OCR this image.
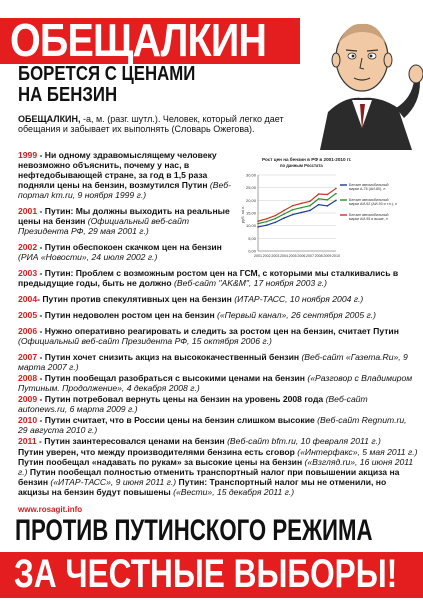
ОБЕЩАЛКИН
БОРЕТСЯ С ЦЕНАМИ
НА БЕНЗИН
ОБЕЩАЛКИН, -а, м. (разг. шутл.). Человек, который легко дает обещания и забывает их выполнять (Словарь Ожегова).
1999 - Ни одному здравомыслящему человеку невозможно объяснить, почему у нас, в нефтедобывающей стране, за год в 1,5 раза подняли цены на бензин, возмутился Путин (Веб-портал km.ru, 9 ноября 1999 г.)
2001 - Путин: Мы должны выходить на реальные цены на бензин (Официальный веб-сайт Президента РФ, 29 мая 2001 г.)
2002 - Путин обеспокоен скачком цен на бензин (РИА «Новости», 24 июля 2002 г.)
2003 - Путин: Проблем с возможным ростом цен на ГСМ, с которыми мы сталкивались в предыдущие годы, быть не должно (Веб-сайт "AK&M", 17 ноября 2003 г.)
2004- Путин против спекулятивных цен на бензин (ИТАР-ТАСС, 10 ноября 2004 г.)
2005 - Путин недоволен ростом цен на бензин («Первый канал», 26 сентября 2005 г.)
2006 - Нужно оперативно реагировать и следить за ростом цен на бензин, считает Путин (Официальный веб-сайт Президента РФ, 15 октября 2006 г.)
2007 - Путин хочет снизить акциз на высококачественный бензин (Веб-сайт «Газета.Ru», 9 марта 2007 г.)
2008 - Путин пообещал разобраться с высокими ценами на бензин («Разговор с Владимиром Путиным. Продолжение», 4 декабря 2008 г.)
2009 - Путин потребовал вернуть цены на бензин на уровень 2008 года (Веб-сайт autonews.ru, 6 марта 2009 г.)
2010 - Путин считает, что в России цены на бензин слишком высокие (Веб-сайт Regnum.ru, 29 августа 2010 г.)
2011 - Путин заинтересовался ценами на бензин (Веб-сайт bfm.ru, 10 февраля 2011 г.)
Путин уверен, что между производителями бензина есть сговор («Интерфакс», 5 мая 2011 г.) Путин пообещал «надавать по рукам» за высокие цены на бензин («Взгляд.ru», 16 июня 2011 г.) Путин пообещал полностью отменить транспортный налог при повышении акциза на бензин («ИТАР-ТАСС», 9 июня 2011 г.) Путин: Транспортный налог мы не отменили, но акцизы на бензин будут повышены («Вести», 15 декабря 2011 г.)
Рост цен на бензин в РФ в 2001-2010 гг.
по данным Росстата
0,00
5,00
10,00
15,00
20,00
25,00
30,00
руб. за л.
2001 2002 2003 2004 2005 2006 2007 2008 2009 2010
Бензин автомобильный марки А-76 (АИ-80), л
Бензин автомобильный марки АИ-92 (АИ-93 и т.п.), л
Бензин автомобильный марки АИ-95 и выше, л
www.rosagit.info
ПРОТИВ ПУТИНСКОГО РЕЖИМА
ЗА ЧЕСТНЫЕ ВЫБОРЫ!
